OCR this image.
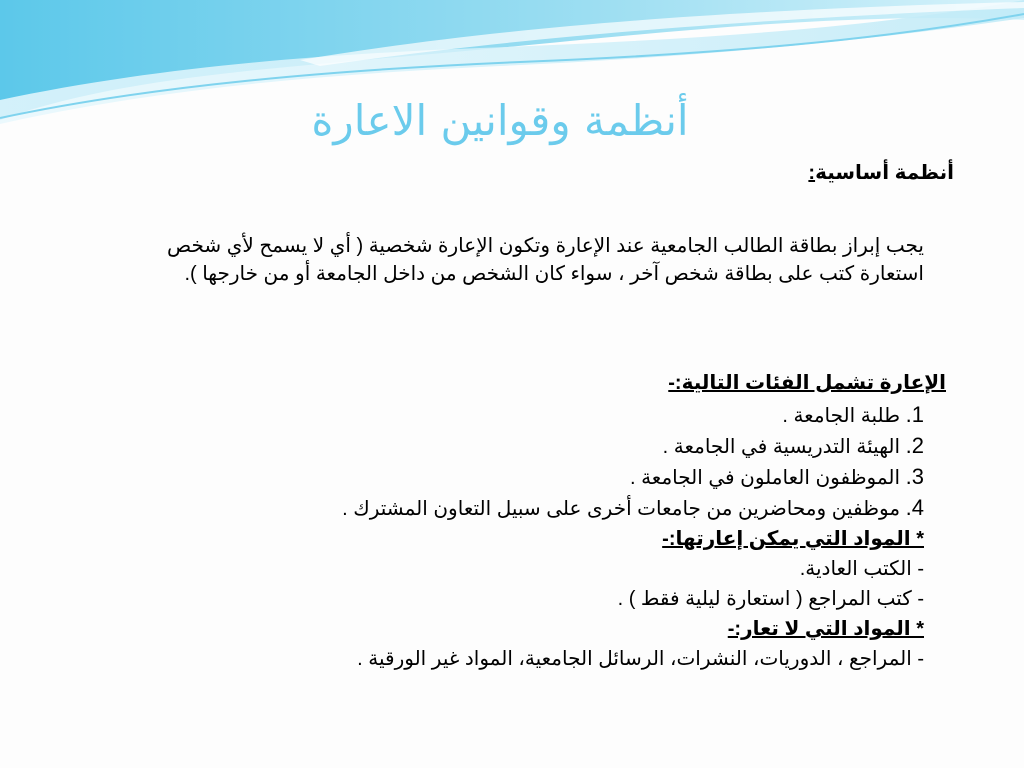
أنظمة وقوانين الاعارة
أنظمة أساسية:
يجب إبراز بطاقة الطالب الجامعية عند الإعارة وتكون الإعارة شخصية ( أي لا يسمح لأي شخص استعارة كتب على بطاقة شخص آخر ، سواء كان الشخص من داخل الجامعة أو من خارجها ).
الإعارة تشمل الفئات التالية:-
1. طلبة الجامعة .
2. الهيئة التدريسية في الجامعة .
3. الموظفون العاملون في الجامعة .
4. موظفين ومحاضرين من جامعات أخرى على سبيل التعاون المشترك .
* المواد التي يمكن إعارتها:-
- الكتب العادية.
- كتب المراجع ( استعارة ليلية فقط ) .
* المواد التي لا تعار:-
- المراجع ، الدوريات، النشرات، الرسائل الجامعية، المواد غير الورقية .
